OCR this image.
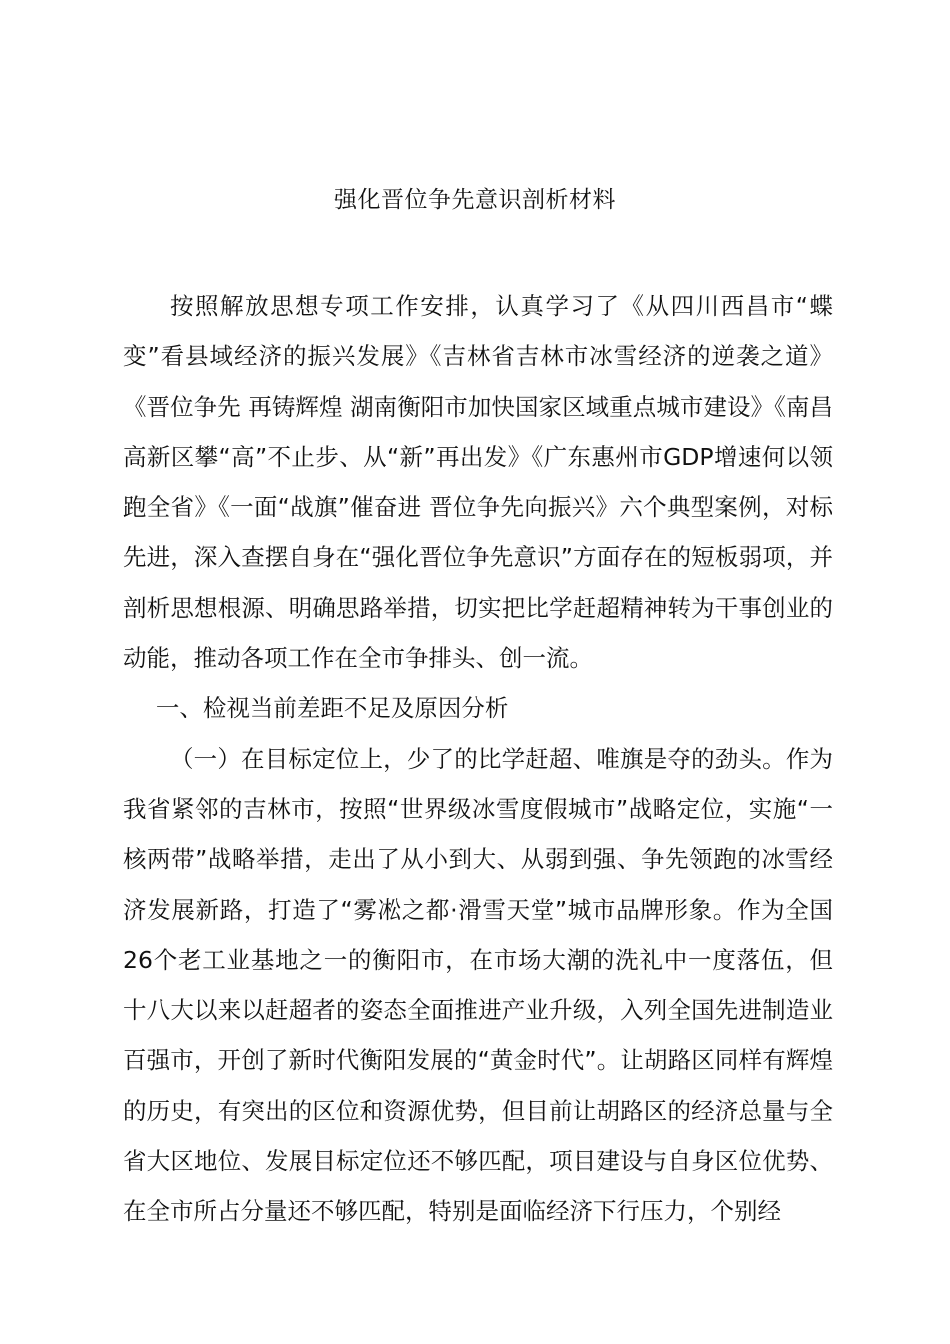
强化晋位争先意识剖析材料

按照解放思想专项工作安排，认真学习了《从四川西昌市“蝶变”看县域经济的振兴发展》《吉林省吉林市冰雪经济的逆袭之道》《晋位争先 再铸辉煌 湖南衡阳市加快国家区域重点城市建设》《南昌高新区攀“高”不止步、从“新”再出发》《广东惠州市GDP增速何以领跑全省》《一面“战旗”催奋进 晋位争先向振兴》六个典型案例，对标先进，深入查摆自身在“强化晋位争先意识”方面存在的短板弱项，并剖析思想根源、明确思路举措，切实把比学赶超精神转为干事创业的动能，推动各项工作在全市争排头、创一流。

一、检视当前差距不足及原因分析

（一）在目标定位上，少了的比学赶超、唯旗是夺的劲头。作为我省紧邻的吉林市，按照“世界级冰雪度假城市”战略定位，实施“一核两带”战略举措，走出了从小到大、从弱到强、争先领跑的冰雪经济发展新路，打造了“雾凇之都·滑雪天堂”城市品牌形象。作为全国26个老工业基地之一的衡阳市，在市场大潮的洗礼中一度落伍，但十八大以来以赶超者的姿态全面推进产业升级，入列全国先进制造业百强市，开创了新时代衡阳发展的“黄金时代”。让胡路区同样有辉煌的历史，有突出的区位和资源优势，但目前让胡路区的经济总量与全省大区地位、发展目标定位还不够匹配，项目建设与自身区位优势、在全市所占分量还不够匹配，特别是面临经济下行压力，个别经
